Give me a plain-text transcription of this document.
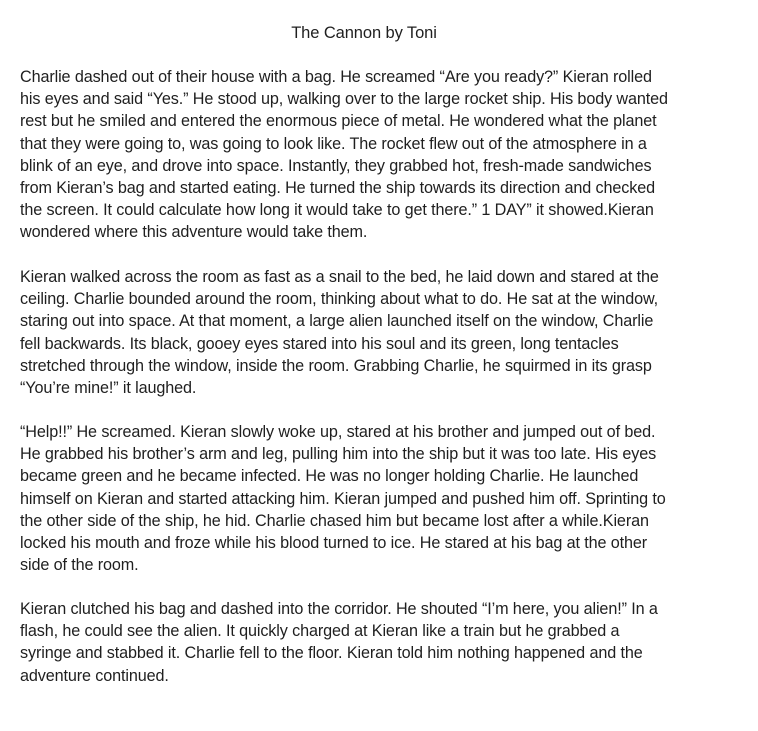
The Cannon by Toni

Charlie dashed out of their house with a bag. He screamed “Are you ready?” Kieran rolled
his eyes and said “Yes.” He stood up, walking over to the large rocket ship. His body wanted
rest but he smiled and entered the enormous piece of metal. He wondered what the planet
that they were going to, was going to look like. The rocket flew out of the atmosphere in a
blink of an eye, and drove into space. Instantly, they grabbed hot, fresh-made sandwiches
from Kieran’s bag and started eating. He turned the ship towards its direction and checked
the screen. It could calculate how long it would take to get there.” 1 DAY” it showed.Kieran
wondered where this adventure would take them.

Kieran walked across the room as fast as a snail to the bed, he laid down and stared at the
ceiling. Charlie bounded around the room, thinking about what to do. He sat at the window,
staring out into space. At that moment, a large alien launched itself on the window, Charlie
fell backwards. Its black, gooey eyes stared into his soul and its green, long tentacles
stretched through the window, inside the room. Grabbing Charlie, he squirmed in its grasp
“You’re mine!” it laughed.

“Help!!” He screamed. Kieran slowly woke up, stared at his brother and jumped out of bed.
He grabbed his brother’s arm and leg, pulling him into the ship but it was too late. His eyes
became green and he became infected. He was no longer holding Charlie. He launched
himself on Kieran and started attacking him. Kieran jumped and pushed him off. Sprinting to
the other side of the ship, he hid. Charlie chased him but became lost after a while.Kieran
locked his mouth and froze while his blood turned to ice. He stared at his bag at the other
side of the room.

Kieran clutched his bag and dashed into the corridor. He shouted “I’m here, you alien!” In a
flash, he could see the alien. It quickly charged at Kieran like a train but he grabbed a
syringe and stabbed it. Charlie fell to the floor. Kieran told him nothing happened and the
adventure continued.
